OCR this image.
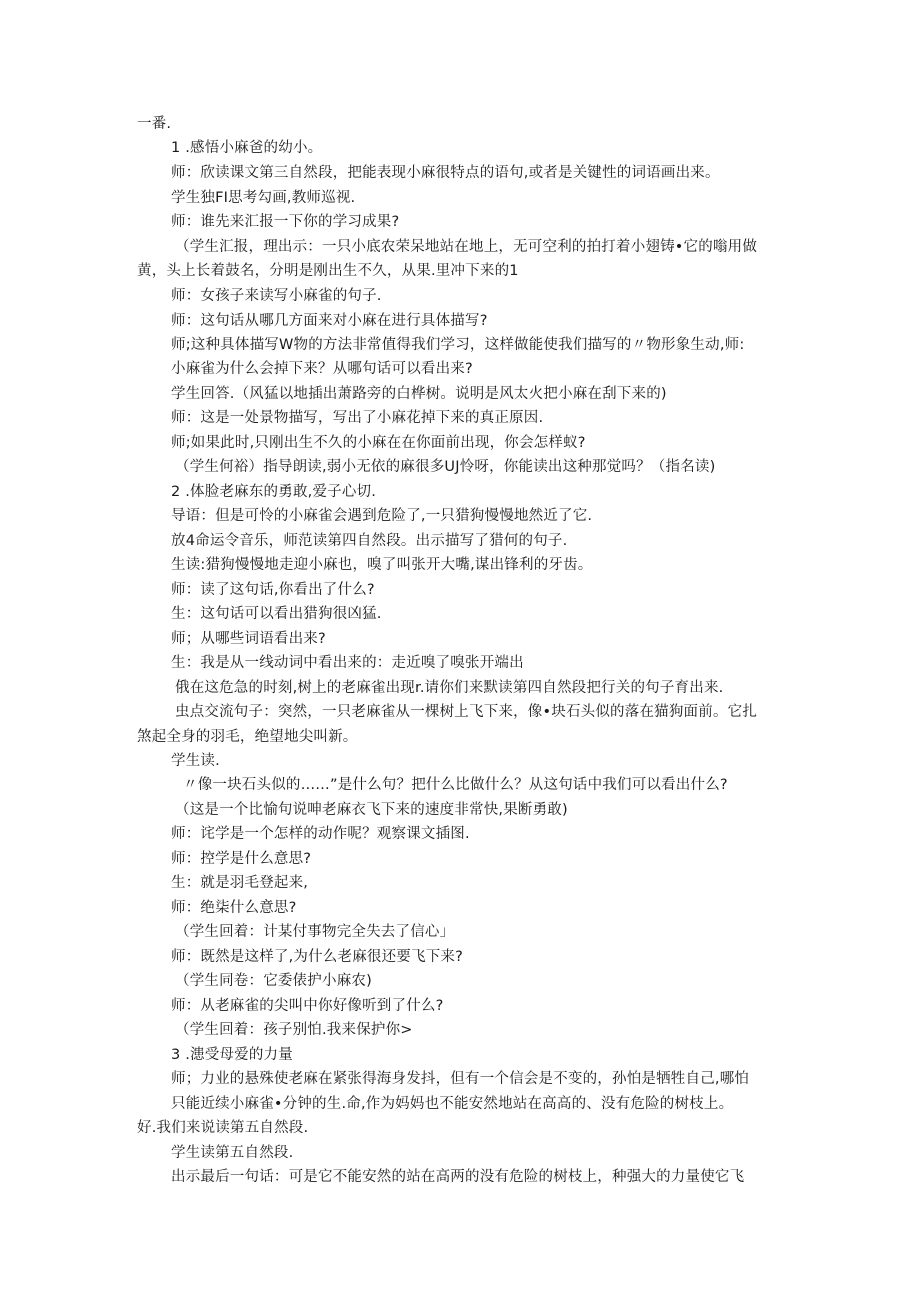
一番.
1 .感悟小麻爸的幼小。
师：欣读课文第三自然段，把能表现小麻很特点的语句,或者是关键性的词语画出来。
学生独FI思考勾画,教师巡视.
师：谁先来汇报一下你的学习成果?
（学生汇报，理出示：一只小底农荣呆地站在地上，无可空利的拍打着小翅铸•它的嗡用做
黄，头上长着鼓名，分明是刚出生不久，从果.里冲下来的1
师：女孩子来读写小麻雀的句子.
师：这句话从哪几方面来对小麻在进行具体描写?
师;这种具体描写W物的方法非常值得我们学习，这样做能使我们描写的〃物形象生动,师:
小麻雀为什么会掉下来？从哪句话可以看出来?
学生回答.（风猛以地插出萧路旁的白桦树。说明是风太火把小麻在刮下来的)
师：这是一处景物描写，写出了小麻花掉下来的真正原因.
师;如果此时,只刚出生不久的小麻在在你面前出现，你会怎样蚁?
（学生何裕）指导朗读,弱小无依的麻很多UJ怜呀，你能读出这种那觉吗？（指名读)
2 .体脸老麻东的勇敢,爱子心切.
导语：但是可怜的小麻雀会遇到危险了,一只猎狗慢慢地然近了它.
放4命运令音乐，师范读第四自然段。出示描写了猎何的句子.
生读:猎狗慢慢地走迎小麻也，嗅了叫张开大嘴,谋出锋利的牙齿。
师：读了这句话,你看出了什么?
生：这句话可以看出猎狗很凶猛.
师；从哪些词语看出来?
生：我是从一线动词中看出来的：走近嗅了嗅张开端出
俄在这危急的时刻,树上的老麻雀出现r.请你们来默读第四自然段把行关的句子育出来.
虫点交流句子：突然，一只老麻雀从一棵树上飞下来，像•块石头似的落在猫狗面前。它扎
煞起全身的羽毛，绝望地尖叫新。
学生读.
〃像一块石头似的……”是什么句？把什么比做什么？从这句话中我们可以看出什么?
（这是一个比愉句说呻老麻衣飞下来的速度非常快,果断勇敢)
师：诧学是一个怎样的动作呢？观察课文插图.
师：控学是什么意思?
生：就是羽毛登起来,
师：绝柒什么意思?
（学生回着：计某付事物完全失去了信心」
师：既然是这样了,为什么老麻很还要飞下来?
（学生同卷：它委俵护小麻农)
师：从老麻雀的尖叫中你好像听到了什么?
（学生回着：孩子别怕.我来保护你>
3 .漶受母爱的力量
师；力业的悬殊使老麻在紧张得海身发抖，但有一个信会是不变的，孙怕是牺牲自己,哪怕
只能近续小麻雀•分钟的生.命,作为妈妈也不能安然地站在高高的、没有危险的树枝上。
好.我们来说读第五自然段.
学生读第五自然段.
出示最后一句话：可是它不能安然的站在高两的没有危险的树枝上，种强大的力量使它飞
